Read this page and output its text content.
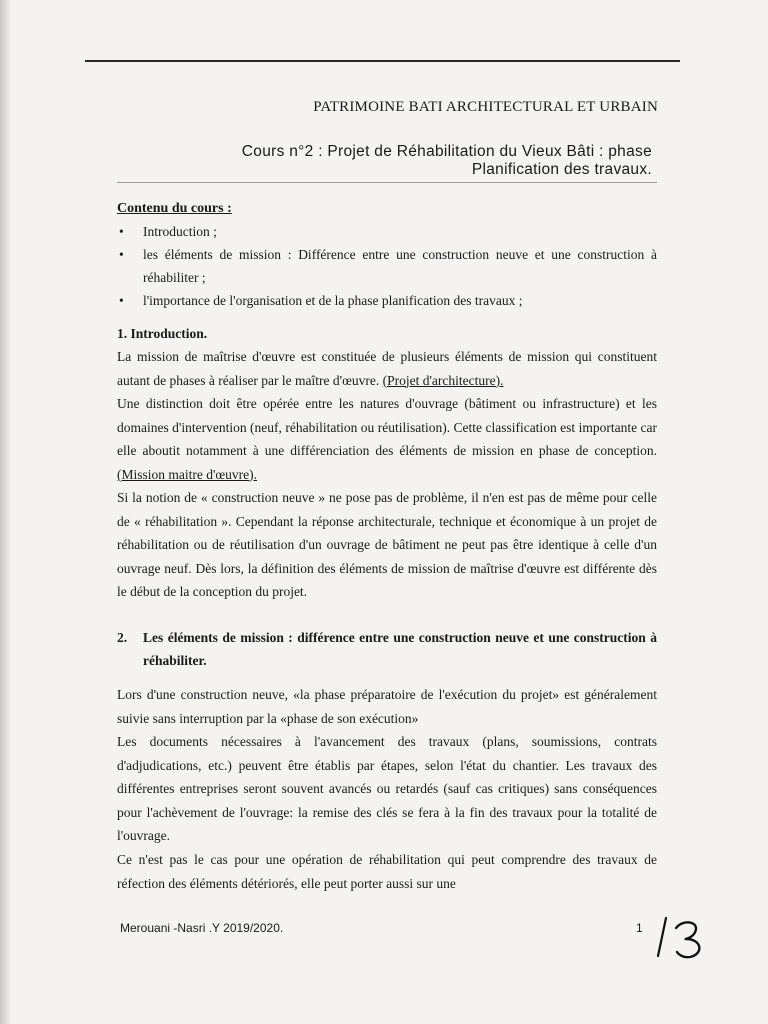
PATRIMOINE BATI ARCHITECTURAL ET URBAIN
Cours n°2 : Projet de Réhabilitation du Vieux Bâti : phase
Planification des travaux.
Contenu du cours :
• Introduction ;
• les éléments de mission : Différence entre une construction neuve et une construction à réhabiliter ;
• l'importance de l'organisation et de la phase planification des travaux ;
1. Introduction.

La mission de maîtrise d'œuvre est constituée de plusieurs éléments de mission qui constituent autant de phases à réaliser par le maître d'œuvre. (Projet d'architecture).

Une distinction doit être opérée entre les natures d'ouvrage (bâtiment ou infrastructure) et les domaines d'intervention (neuf, réhabilitation ou réutilisation). Cette classification est importante car elle aboutit notamment à une différenciation des éléments de mission en phase de conception. (Mission maitre d'œuvre).

Si la notion de « construction neuve » ne pose pas de problème, il n'en est pas de même pour celle de « réhabilitation ». Cependant la réponse architecturale, technique et économique à un projet de réhabilitation ou de réutilisation d'un ouvrage de bâtiment ne peut pas être identique à celle d'un ouvrage neuf. Dès lors, la définition des éléments de mission de maîtrise d'œuvre est différente dès le début de la conception du projet.

2.	Les éléments de mission : différence entre une construction neuve et une construction à réhabiliter.

Lors d'une construction neuve, «la phase préparatoire de l'exécution du projet» est généralement suivie sans interruption par la «phase de son exécution»

Les documents nécessaires à l'avancement des travaux (plans, soumissions, contrats d'adjudications, etc.) peuvent être établis par étapes, selon l'état du chantier. Les travaux des différentes entreprises seront souvent avancés ou retardés (sauf cas critiques) sans conséquences pour l'achèvement de l'ouvrage: la remise des clés se fera à la fin des travaux pour la totalité de l'ouvrage.

Ce n'est pas le cas pour une opération de réhabilitation qui peut comprendre des travaux de réfection des éléments détériorés, elle peut porter aussi sur une

Merouani -Nasri .Y 2019/2020.	1
